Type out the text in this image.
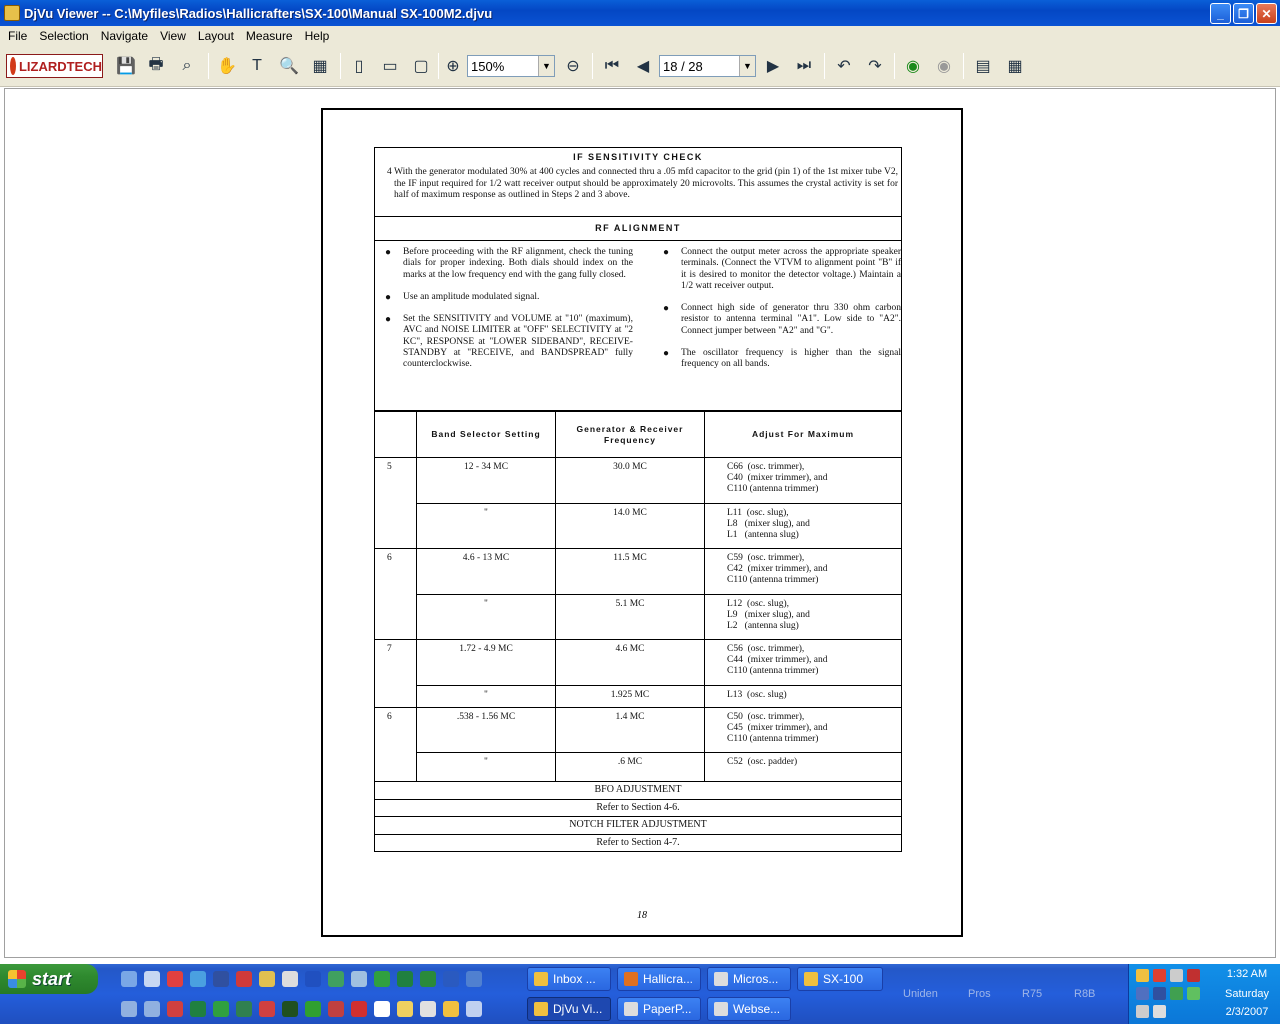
DjVu Viewer -- C:\Myfiles\Radios\Hallicrafters\SX-100\Manual SX-100M2.djvu	_	❐	✕
File	Selection	Navigate	View	Layout	Measure	Help
LIZARDTECH 💾 🖶	⌕	✋ T	🔍 ▦	▯	▭ ▢	⊕ 150%	▼ ⊖	⏮	◀	18 / 28	▼ ▶	⏭	↶	↷	◉	◉	▤ ▦
IF SENSITIVITY CHECK
4 With the generator modulated 30% at 400 cycles and connected thru a .05 mfd capacitor to the grid (pin 1) of the 1st mixer tube V2, the IF input required for 1/2 watt receiver output should be approximately 20 microvolts. This assumes the crystal activity is set for half of maximum response as outlined in Steps 2 and 3 above.
RF ALIGNMENT
●	Before proceeding with the RF alignment, check the tuning dials for proper indexing. Both dials should index on the marks at the low frequency end with the gang fully closed.
●	Use an amplitude modulated signal.
●	Set the SENSITIVITY and VOLUME at "10" (maximum), AVC and NOISE LIMITER at "OFF" SELECTIVITY at "2 KC", RESPONSE at "LOWER SIDEBAND", RECEIVE-STANDBY at "RECEIVE, and BANDSPREAD" fully counterclockwise.
●	Connect the output meter across the appropriate speaker terminals. (Connect the VTVM to alignment point "B" if it is desired to monitor the detector voltage.) Maintain a 1/2 watt receiver output.
●	Connect high side of generator thru 330 ohm carbon resistor to antenna terminal "A1". Low side to "A2". Connect jumper between "A2" and "G".
●	The oscillator frequency is higher than the signal frequency on all bands.
	Band Selector Setting	Generator & Receiver Frequency	Adjust For Maximum
5	12 - 34 MC	30.0 MC	C66  (osc. trimmer),
C40  (mixer trimmer), and
C110 (antenna trimmer)

	"	14.0 MC	L11  (osc. slug),
L8   (mixer slug), and
L1   (antenna slug)

6	4.6 - 13 MC	11.5 MC	C59  (osc. trimmer),
C42  (mixer trimmer), and
C110 (antenna trimmer)

	"	5.1 MC	L12  (osc. slug),
L9   (mixer slug), and
L2   (antenna slug)

7	1.72 - 4.9 MC	4.6 MC	C56  (osc. trimmer),
C44  (mixer trimmer), and
C110 (antenna trimmer)

	"	1.925 MC	L13  (osc. slug)

6	.538 - 1.56 MC	1.4 MC	C50  (osc. trimmer),
C45  (mixer trimmer), and
C110 (antenna trimmer)

	"	.6 MC	C52  (osc. padder)
BFO ADJUSTMENT
Refer to Section 4-6.
NOTCH FILTER ADJUSTMENT
Refer to Section 4-7.
18
start	Inbox ...	Hallicra...	Micros...	SX-100
DjVu Vi...	PaperP...	Webse...
Uniden	Pros	R75	R8B
1:32 AM
Saturday
2/3/2007
